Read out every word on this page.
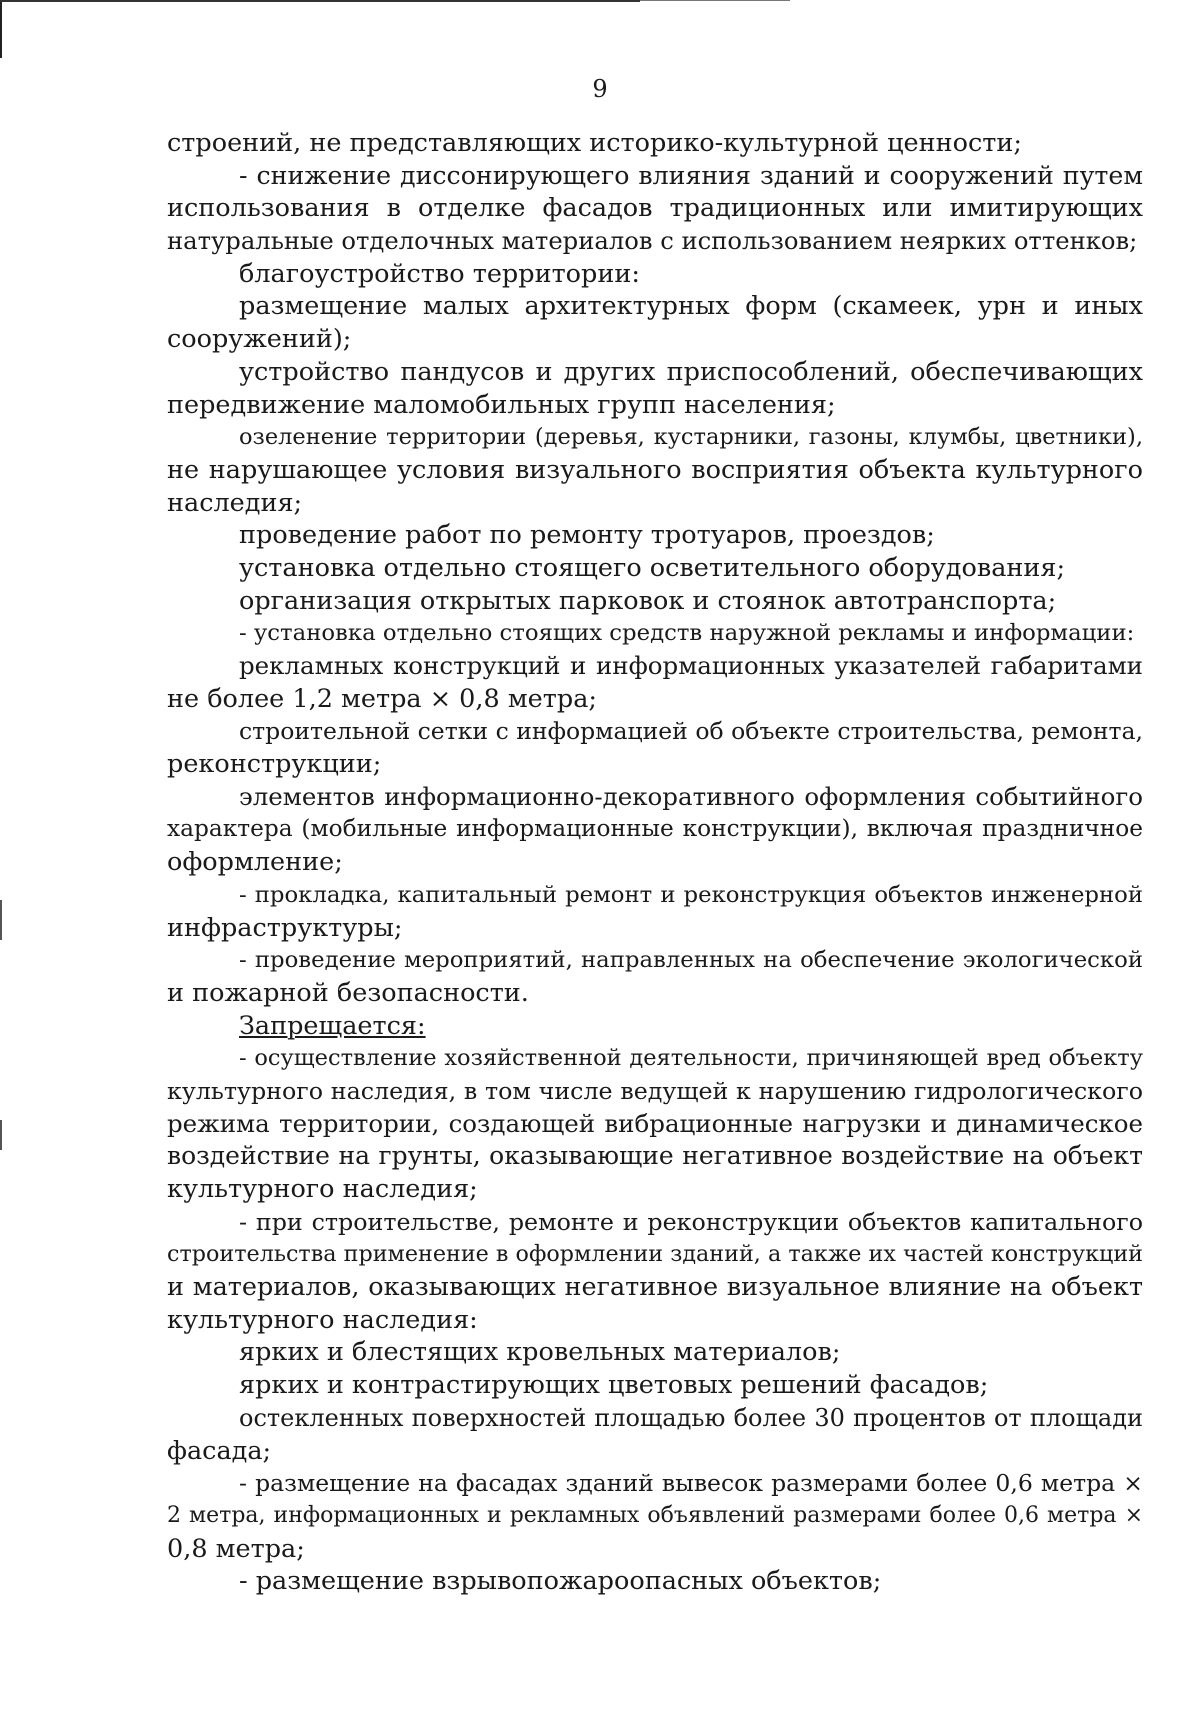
9
строений, не представляющих историко-культурной ценности;
- снижение диссонирующего влияния зданий и сооружений путем
использования в отделке фасадов традиционных или имитирующих
натуральные отделочных материалов с использованием неярких оттенков;
благоустройство территории:
размещение малых архитектурных форм (скамеек, урн и иных
сооружений);
устройство пандусов и других приспособлений, обеспечивающих
передвижение маломобильных групп населения;
озеленение территории (деревья, кустарники, газоны, клумбы, цветники),
не нарушающее условия визуального восприятия объекта культурного
наследия;
проведение работ по ремонту тротуаров, проездов;
установка отдельно стоящего осветительного оборудования;
организация открытых парковок и стоянок автотранспорта;
- установка отдельно стоящих средств наружной рекламы и информации:
рекламных конструкций и информационных указателей габаритами
не более 1,2 метра × 0,8 метра;
строительной сетки с информацией об объекте строительства, ремонта,
реконструкции;
элементов информационно-декоративного оформления событийного
характера (мобильные информационные конструкции), включая праздничное
оформление;
- прокладка, капитальный ремонт и реконструкция объектов инженерной
инфраструктуры;
- проведение мероприятий, направленных на обеспечение экологической
и пожарной безопасности.
Запрещается:
- осуществление хозяйственной деятельности, причиняющей вред объекту
культурного наследия, в том числе ведущей к нарушению гидрологического
режима территории, создающей вибрационные нагрузки и динамическое
воздействие на грунты, оказывающие негативное воздействие на объект
культурного наследия;
- при строительстве, ремонте и реконструкции объектов капитального
строительства применение в оформлении зданий, а также их частей конструкций
и материалов, оказывающих негативное визуальное влияние на объект
культурного наследия:
ярких и блестящих кровельных материалов;
ярких и контрастирующих цветовых решений фасадов;
остекленных поверхностей площадью более 30 процентов от площади
фасада;
- размещение на фасадах зданий вывесок размерами более 0,6 метра ×
2 метра, информационных и рекламных объявлений размерами более 0,6 метра ×
0,8 метра;
- размещение взрывопожароопасных объектов;
